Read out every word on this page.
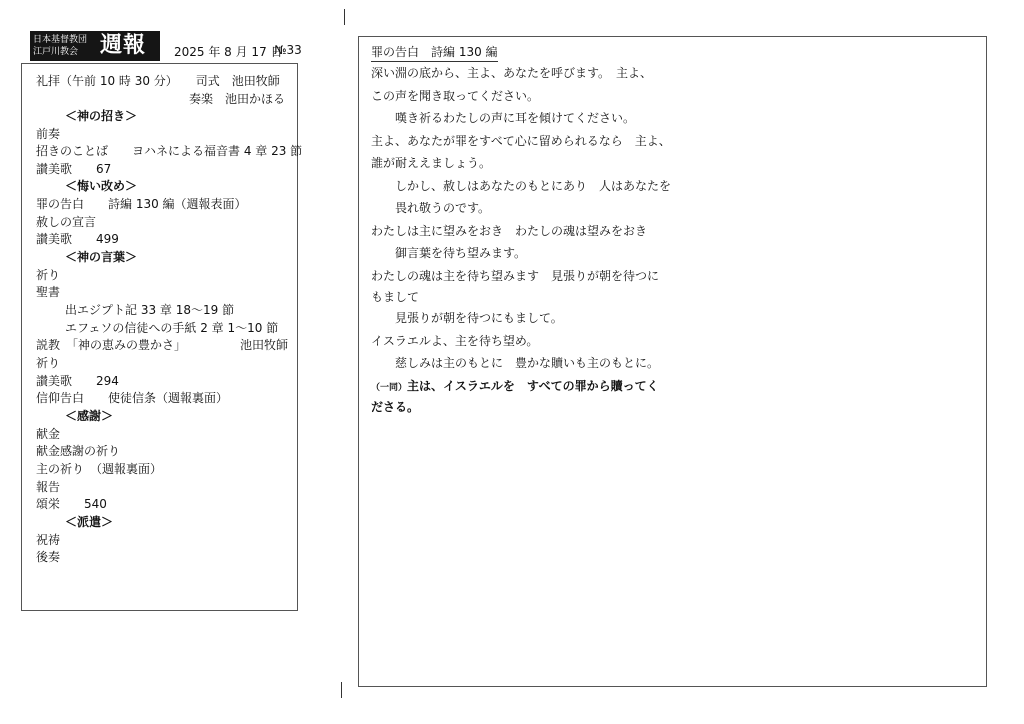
日本基督教団
江戸川教会 週報 2025 年 8 月 17 日
№33
礼拝（午前 10 時 30 分）　　司式　池田牧師
奏楽　池田かほる
＜神の招き＞
前奏
招きのことば　　ヨハネによる福音書 4 章 23 節
讃美歌　　67
＜悔い改め＞
罪の告白　　詩編 130 編（週報表面）
赦しの宣言
讃美歌　　499
＜神の言葉＞
祈り
聖書
出エジプト記 33 章 18～19 節
エフェソの信徒への手紙 2 章 1～10 節
説教　「神の恵みの豊かさ」　　　　　池田牧師
祈り
讃美歌　　294
信仰告白　　使徒信条（週報裏面）
＜感謝＞
献金
献金感謝の祈り
主の祈り　（週報裏面）
報告
頌栄　　540
＜派遣＞
祝祷
後奏
罪の告白　詩編 130 編
深い淵の底から、主よ、あなたを呼びます。　主よ、
この声を聞き取ってください。
嘆き祈るわたしの声に耳を傾けてください。
主よ、あなたが罪をすべて心に留められるなら　主よ、
誰が耐ええましょう。
しかし、赦しはあなたのもとにあり　人はあなたを
畏れ敬うのです。
わたしは主に望みをおき　わたしの魂は望みをおき
御言葉を待ち望みます。
わたしの魂は主を待ち望みます　見張りが朝を待つに
もまして
見張りが朝を待つにもまして。
イスラエルよ、主を待ち望め。
慈しみは主のもとに　豊かな贖いも主のもとに。
（一同）主は、イスラエルを　すべての罪から贖ってく
ださる。
